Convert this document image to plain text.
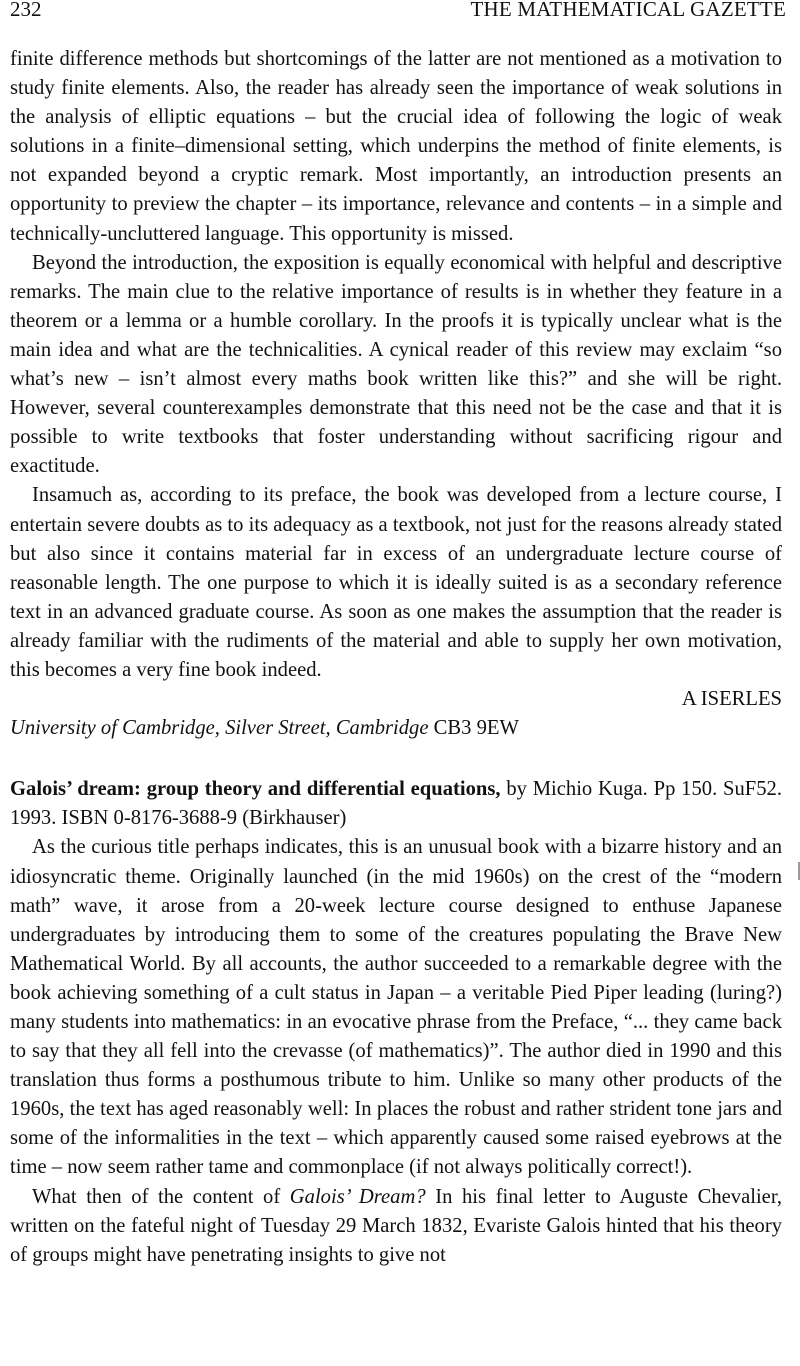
232	THE MATHEMATICAL GAZETTE

finite difference methods but shortcomings of the latter are not mentioned as a motivation to study finite elements. Also, the reader has already seen the importance of weak solutions in the analysis of elliptic equations – but the crucial idea of following the logic of weak solutions in a finite–dimensional setting, which underpins the method of finite elements, is not expanded beyond a cryptic remark. Most importantly, an introduction presents an opportunity to preview the chapter – its importance, relevance and contents – in a simple and technically-uncluttered language. This opportunity is missed.

Beyond the introduction, the exposition is equally economical with helpful and descriptive remarks. The main clue to the relative importance of results is in whether they feature in a theorem or a lemma or a humble corollary. In the proofs it is typically unclear what is the main idea and what are the technicalities. A cynical reader of this review may exclaim “so what’s new – isn’t almost every maths book written like this?” and she will be right. However, several counterexamples demonstrate that this need not be the case and that it is possible to write textbooks that foster understanding without sacrificing rigour and exactitude.

Insamuch as, according to its preface, the book was developed from a lecture course, I entertain severe doubts as to its adequacy as a textbook, not just for the reasons already stated but also since it contains material far in excess of an undergraduate lecture course of reasonable length. The one purpose to which it is ideally suited is as a secondary reference text in an advanced graduate course. As soon as one makes the assumption that the reader is already familiar with the rudiments of the material and able to supply her own motivation, this becomes a very fine book indeed.

A ISERLES

University of Cambridge, Silver Street, Cambridge CB3 9EW

Galois’ dream: group theory and differential equations, by Michio Kuga. Pp 150. SuF52. 1993. ISBN 0-8176-3688-9 (Birkhauser)

As the curious title perhaps indicates, this is an unusual book with a bizarre history and an idiosyncratic theme. Originally launched (in the mid 1960s) on the crest of the “modern math” wave, it arose from a 20-week lecture course designed to enthuse Japanese undergraduates by introducing them to some of the creatures populating the Brave New Mathematical World. By all accounts, the author succeeded to a remarkable degree with the book achieving something of a cult status in Japan – a veritable Pied Piper leading (luring?) many students into mathematics: in an evocative phrase from the Preface, “... they came back to say that they all fell into the crevasse (of mathematics)”. The author died in 1990 and this translation thus forms a posthumous tribute to him. Unlike so many other products of the 1960s, the text has aged reasonably well: In places the robust and rather strident tone jars and some of the informalities in the text – which apparently caused some raised eyebrows at the time – now seem rather tame and commonplace (if not always politically correct!).

What then of the content of Galois’ Dream? In his final letter to Auguste Chevalier, written on the fateful night of Tuesday 29 March 1832, Evariste Galois hinted that his theory of groups might have penetrating insights to give not
